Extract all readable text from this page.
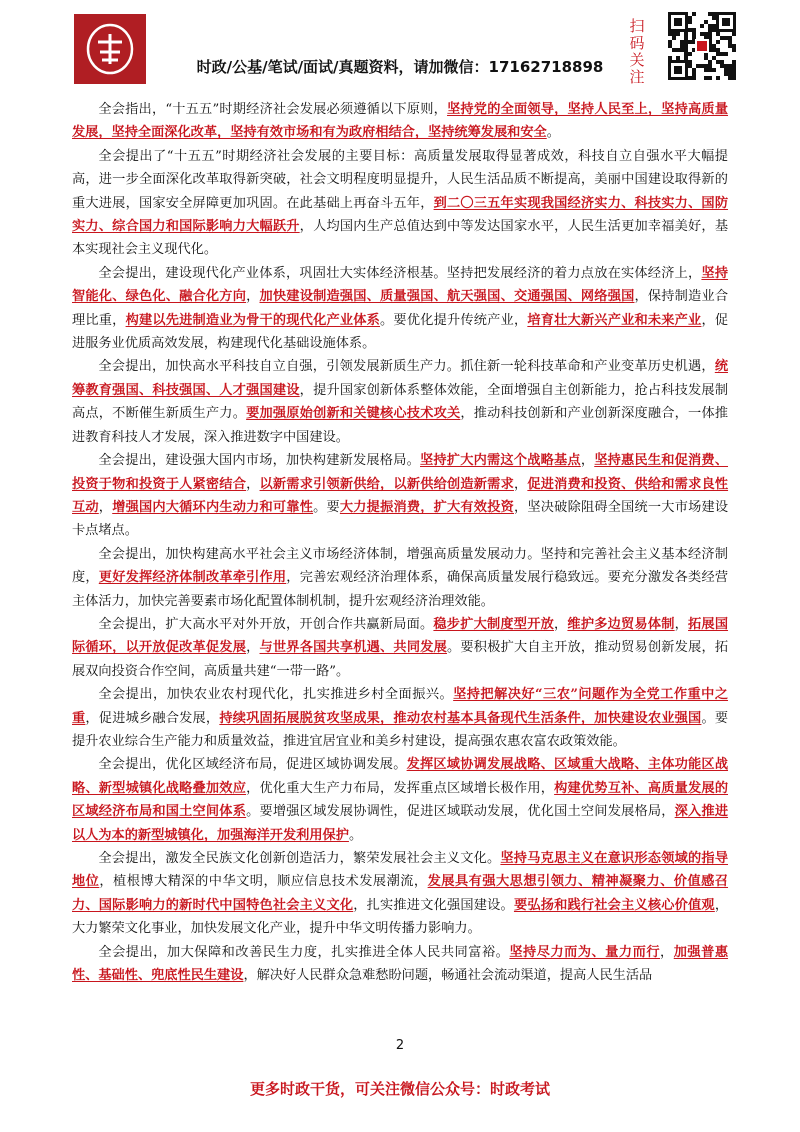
时政/公基/笔试/面试/真题资料，请加微信：17162718898
扫码关注

全会指出，“十五五”时期经济社会发展必须遵循以下原则，坚持党的全面领导，坚持人民至上，坚持高质量发展，坚持全面深化改革，坚持有效市场和有为政府相结合，坚持统筹发展和安全。

全会提出了“十五五”时期经济社会发展的主要目标：高质量发展取得显著成效，科技自立自强水平大幅提高，进一步全面深化改革取得新突破，社会文明程度明显提升，人民生活品质不断提高，美丽中国建设取得新的重大进展，国家安全屏障更加巩固。在此基础上再奋斗五年，到二〇三五年实现我国经济实力、科技实力、国防实力、综合国力和国际影响力大幅跃升，人均国内生产总值达到中等发达国家水平，人民生活更加幸福美好，基本实现社会主义现代化。

全会提出，建设现代化产业体系，巩固壮大实体经济根基。坚持把发展经济的着力点放在实体经济上，坚持智能化、绿色化、融合化方向，加快建设制造强国、质量强国、航天强国、交通强国、网络强国，保持制造业合理比重，构建以先进制造业为骨干的现代化产业体系。要优化提升传统产业，培育壮大新兴产业和未来产业，促进服务业优质高效发展，构建现代化基础设施体系。

全会提出，加快高水平科技自立自强，引领发展新质生产力。抓住新一轮科技革命和产业变革历史机遇，统筹教育强国、科技强国、人才强国建设，提升国家创新体系整体效能，全面增强自主创新能力，抢占科技发展制高点，不断催生新质生产力。要加强原始创新和关键核心技术攻关，推动科技创新和产业创新深度融合，一体推进教育科技人才发展，深入推进数字中国建设。

全会提出，建设强大国内市场，加快构建新发展格局。坚持扩大内需这个战略基点，坚持惠民生和促消费、投资于物和投资于人紧密结合，以新需求引领新供给，以新供给创造新需求，促进消费和投资、供给和需求良性互动，增强国内大循环内生动力和可靠性。要大力提振消费，扩大有效投资，坚决破除阻碍全国统一大市场建设卡点堵点。

全会提出，加快构建高水平社会主义市场经济体制，增强高质量发展动力。坚持和完善社会主义基本经济制度，更好发挥经济体制改革牵引作用，完善宏观经济治理体系，确保高质量发展行稳致远。要充分激发各类经营主体活力，加快完善要素市场化配置体制机制，提升宏观经济治理效能。

全会提出，扩大高水平对外开放，开创合作共赢新局面。稳步扩大制度型开放，维护多边贸易体制，拓展国际循环，以开放促改革促发展，与世界各国共享机遇、共同发展。要积极扩大自主开放，推动贸易创新发展，拓展双向投资合作空间，高质量共建“一带一路”。

全会提出，加快农业农村现代化，扎实推进乡村全面振兴。坚持把解决好“三农”问题作为全党工作重中之重，促进城乡融合发展，持续巩固拓展脱贫攻坚成果，推动农村基本具备现代生活条件，加快建设农业强国。要提升农业综合生产能力和质量效益，推进宜居宜业和美乡村建设，提高强农惠农富农政策效能。

全会提出，优化区域经济布局，促进区域协调发展。发挥区域协调发展战略、区域重大战略、主体功能区战略、新型城镇化战略叠加效应，优化重大生产力布局，发挥重点区域增长极作用，构建优势互补、高质量发展的区域经济布局和国土空间体系。要增强区域发展协调性，促进区域联动发展，优化国土空间发展格局，深入推进以人为本的新型城镇化，加强海洋开发利用保护。

全会提出，激发全民族文化创新创造活力，繁荣发展社会主义文化。坚持马克思主义在意识形态领域的指导地位，植根博大精深的中华文明，顺应信息技术发展潮流，发展具有强大思想引领力、精神凝聚力、价值感召力、国际影响力的新时代中国特色社会主义文化，扎实推进文化强国建设。要弘扬和践行社会主义核心价值观，大力繁荣文化事业，加快发展文化产业，提升中华文明传播力影响力。

全会提出，加大保障和改善民生力度，扎实推进全体人民共同富裕。坚持尽力而为、量力而行，加强普惠性、基础性、兜底性民生建设，解决好人民群众急难愁盼问题，畅通社会流动渠道，提高人民生活品

2
更多时政干货，可关注微信公众号：时政考试
